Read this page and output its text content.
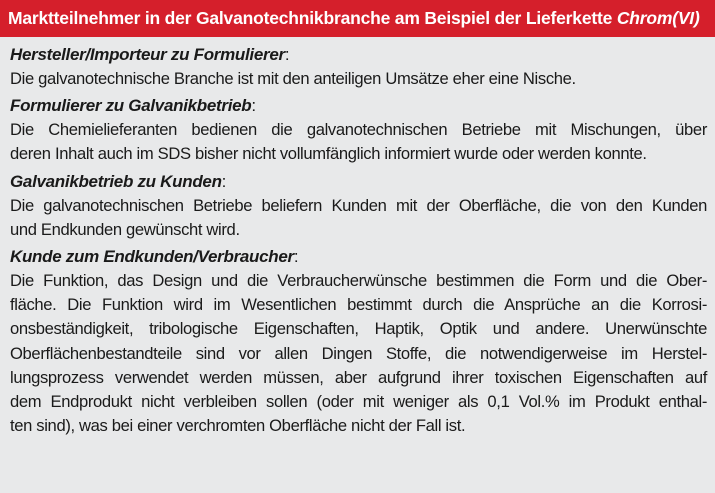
Marktteilnehmer in der Galvanotechnikbranche am Beispiel der Lieferkette Chrom(VI)
Hersteller/Importeur zu Formulierer:
Die galvanotechnische Branche ist mit den anteiligen Umsätze eher eine Nische.
Formulierer zu Galvanikbetrieb:
Die Chemielieferanten bedienen die galvanotechnischen Betriebe mit Mischungen, über
deren Inhalt auch im SDS bisher nicht vollumfänglich informiert wurde oder werden konnte.
Galvanikbetrieb zu Kunden:
Die galvanotechnischen Betriebe beliefern Kunden mit der Oberfläche, die von den Kunden
und Endkunden gewünscht wird.
Kunde zum Endkunden/Verbraucher:
Die Funktion, das Design und die Verbraucherwünsche bestimmen die Form und die Ober-
fläche. Die Funktion wird im Wesentlichen bestimmt durch die Ansprüche an die Korrosi-
onsbeständigkeit, tribologische Eigenschaften, Haptik, Optik und andere. Unerwünschte
Oberflächenbestandteile sind vor allen Dingen Stoffe, die notwendigerweise im Herstel-
lungsprozess verwendet werden müssen, aber aufgrund ihrer toxischen Eigenschaften auf
dem Endprodukt nicht verbleiben sollen (oder mit weniger als 0,1 Vol.% im Produkt enthal-
ten sind), was bei einer verchromten Oberfläche nicht der Fall ist.
